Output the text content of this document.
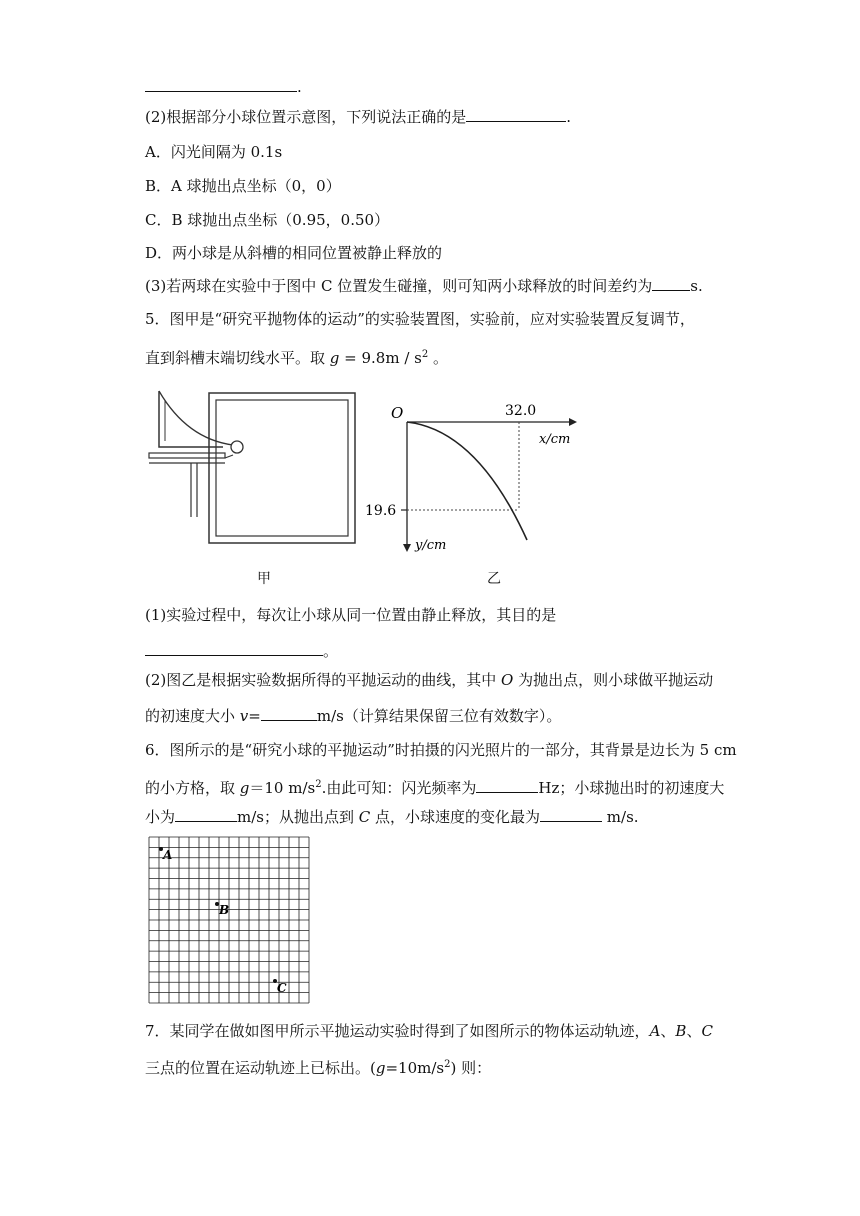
.
(2)根据部分小球位置示意图，下列说法正确的是	.
A．闪光间隔为 0.1s
B．A 球抛出点坐标（0，0）
C．B 球抛出点坐标（0.95，0.50）
D．两小球是从斜槽的相同位置被静止释放的
(3)若两球在实验中于图中 C 位置发生碰撞，则可知两小球释放的时间差约为	s.
5．图甲是“研究平抛物体的运动”的实验装置图，实验前，应对实验装置反复调节，
直到斜槽末端切线水平。取 $g = 9.8m / s^2$ 。
甲
O	32.0
x/cm
19.6
y/cm
乙
(1)实验过程中，每次让小球从同一位置由静止释放，其目的是
。
(2)图乙是根据实验数据所得的平抛运动的曲线，其中 O 为抛出点，则小球做平抛运动
的初速度大小 v=	m/s（计算结果保留三位有效数字）。
6．图所示的是“研究小球的平抛运动”时拍摄的闪光照片的一部分，其背景是边长为 5 cm
的小方格，取 g＝10 $m/s^2$.由此可知：闪光频率为	Hz；小球抛出时的初速度大
小为	m/s；从抛出点到 C 点，小球速度的变化最为	m/s.
A
B
C
7．某同学在做如图甲所示平抛运动实验时得到了如图所示的物体运动轨迹，A、B、C
三点的位置在运动轨迹上已标出。$(g=10m/s^2)$ 则：
